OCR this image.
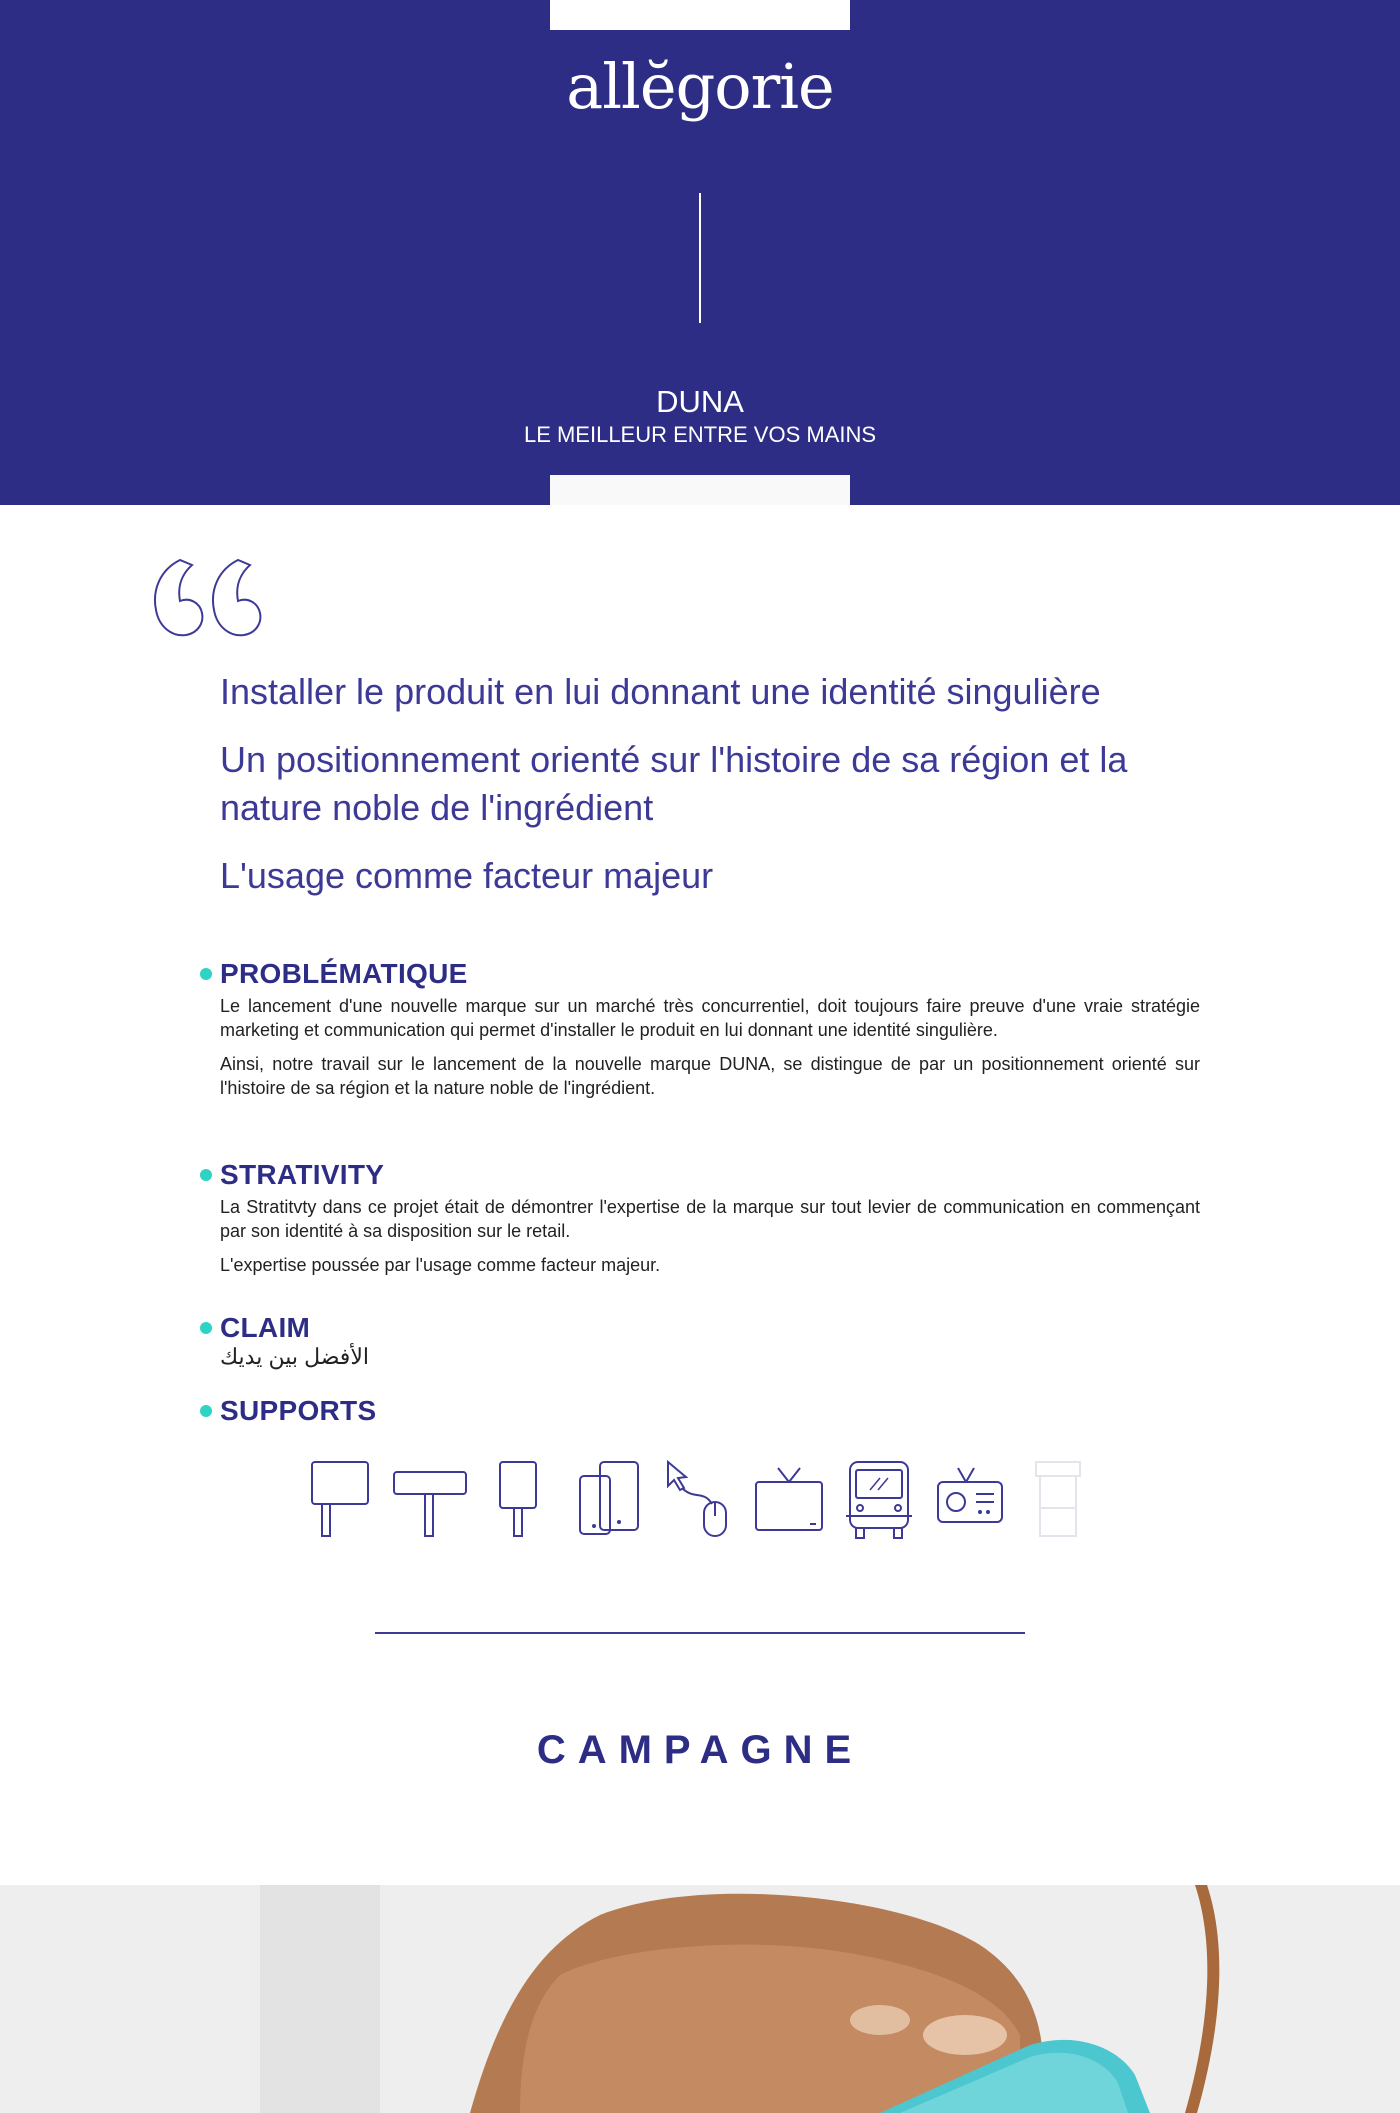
allĕgorie
DUNA
LE MEILLEUR ENTRE VOS MAINS
Installer le produit en lui donnant une identité singulière
Un positionnement orienté sur l'histoire de sa région et la nature noble de l'ingrédient
L'usage comme facteur majeur
PROBLÉMATIQUE

Le lancement d'une nouvelle marque sur un marché très concurrentiel, doit toujours faire preuve d'une vraie stratégie marketing et communication qui permet d'installer le produit en lui donnant une identité singulière.

Ainsi, notre travail sur le lancement de la nouvelle marque DUNA, se distingue de par un positionnement orienté sur l'histoire de sa région et la nature noble de l'ingrédient.

STRATIVITY

La Stratitvty dans ce projet était de démontrer l'expertise de la marque sur tout levier de communication en commençant par son identité à sa disposition sur le retail.

L'expertise poussée par l'usage comme facteur majeur.

CLAIM
الأفضل بين يديك
SUPPORTS
CAMPAGNE
